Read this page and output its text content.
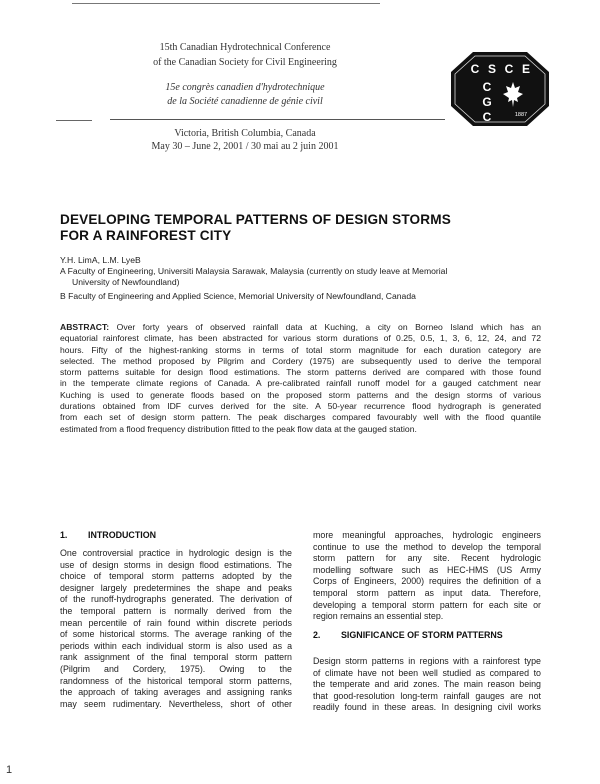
15th Canadian Hydrotechnical Conference
of the Canadian Society for Civil Engineering
15e congrès canadien d'hydrotechnique
de la Société canadienne de génie civil
Victoria, British Columbia, Canada
May 30 – June 2, 2001 / 30 mai au 2 juin 2001
C S C E
C
G
C	1887
DEVELOPING TEMPORAL PATTERNS OF DESIGN STORMS
FOR A RAINFOREST CITY
Y.H. LimA, L.M. LyeB
A Faculty of Engineering, Universiti Malaysia Sarawak, Malaysia (currently on study leave at Memorial
University of Newfoundland)
B Faculty of Engineering and Applied Science, Memorial University of Newfoundland, Canada
ABSTRACT: Over forty years of observed rainfall data at Kuching, a city on Borneo Island which has an
equatorial rainforest climate, has been abstracted for various storm durations of 0.25, 0.5, 1, 3, 6, 12, 24, and 72
hours. Fifty of the highest-ranking storms in terms of total storm magnitude for each duration category are
selected. The method proposed by Pilgrim and Cordery (1975) are subsequently used to derive the temporal
storm patterns suitable for design flood estimations. The storm patterns derived are compared with those found
in the temperate climate regions of Canada. A pre-calibrated rainfall runoff model for a gauged catchment near
Kuching is used to generate floods based on the proposed storm patterns and the design storms of various
durations obtained from IDF curves derived for the site. A 50-year recurrence flood hydrograph is generated
from each set of design storm pattern. The peak discharges compared favourably well with the flood quantile
estimated from a flood frequency distribution fitted to the peak flow data at the gauged station.
1. INTRODUCTION
One controversial practice in hydrologic design is the
use of design storms in design flood estimations. The
choice of temporal storm patterns adopted by the
designer largely predetermines the shape and peaks
of the runoff-hydrographs generated. The derivation of
the temporal pattern is normally derived from the
mean percentile of rain found within discrete periods
of some historical storms. The average ranking of the
periods within each individual storm is also used as a
rank assignment of the final temporal storm pattern
(Pilgrim and Cordery, 1975). Owing to the
randomness of the historical temporal storm patterns,
the approach of taking averages and assigning ranks
may seem rudimentary. Nevertheless, short of other
more meaningful approaches, hydrologic engineers
continue to use the method to develop the temporal
storm pattern for any site. Recent hydrologic
modelling software such as HEC-HMS (US Army
Corps of Engineers, 2000) requires the definition of a
temporal storm pattern as input data. Therefore,
developing a temporal storm pattern for each site or
region remains an essential step.
2. SIGNIFICANCE OF STORM PATTERNS
Design storm patterns in regions with a rainforest type
of climate have not been well studied as compared to
the temperate and arid zones. The main reason being
that good-resolution long-term rainfall gauges are not
readily found in these areas. In designing civil works
1
